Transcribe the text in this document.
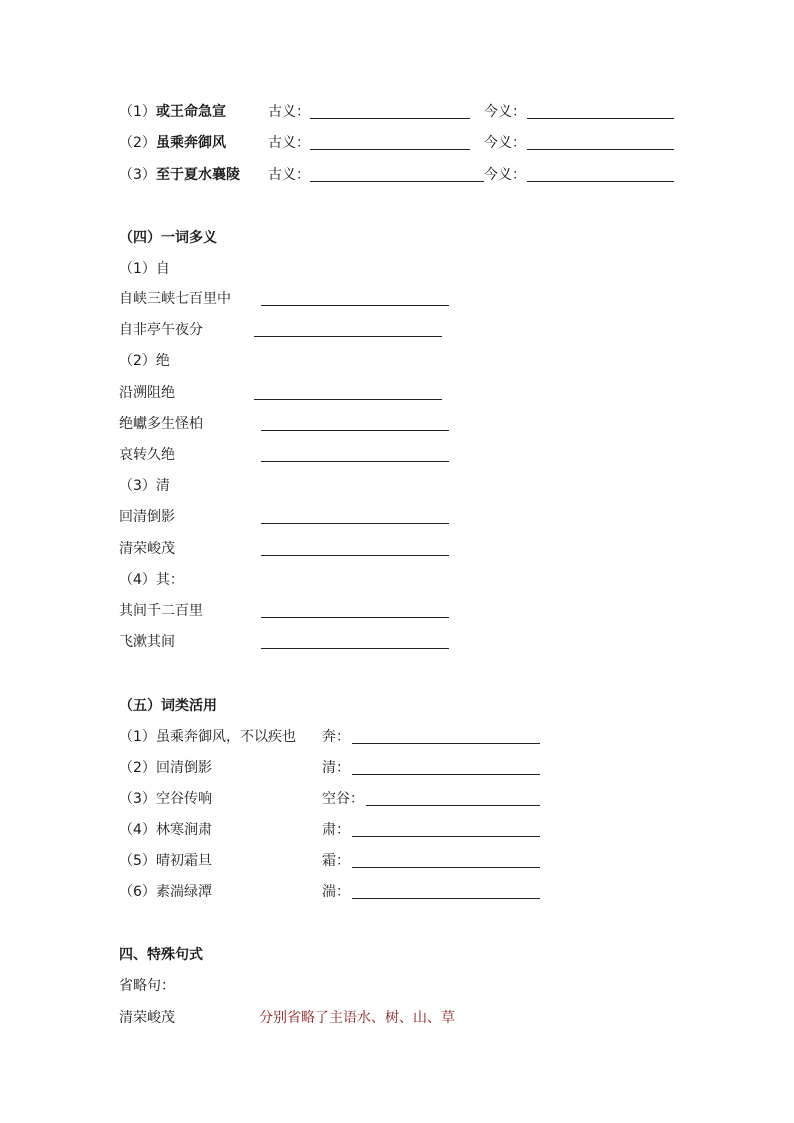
（1） 或王命急宣	古义：	今义：
（2） 虽乘奔御风	古义：	今义：
（3） 至于夏水襄陵 古义：	今义：
（四）一词多义
（1）自
自峡三峡七百里中
自非亭午夜分
（2）绝
沿溯阻绝
绝巘多生怪柏
哀转久绝
（3）清
回清倒影
清荣峻茂
（4）其：
其间千二百里
飞漱其间
（五）词类活用
（1） 虽乘奔御风，不以疾也 奔：
（2） 回清倒影	清：
（3） 空谷传响	空谷：
（4） 林寒涧肃	肃：
（5） 晴初霜旦	霜：
（6） 素湍绿潭	湍：
四、特殊句式
省略句：
清荣峻茂	分别省略了主语水、树、山、草
